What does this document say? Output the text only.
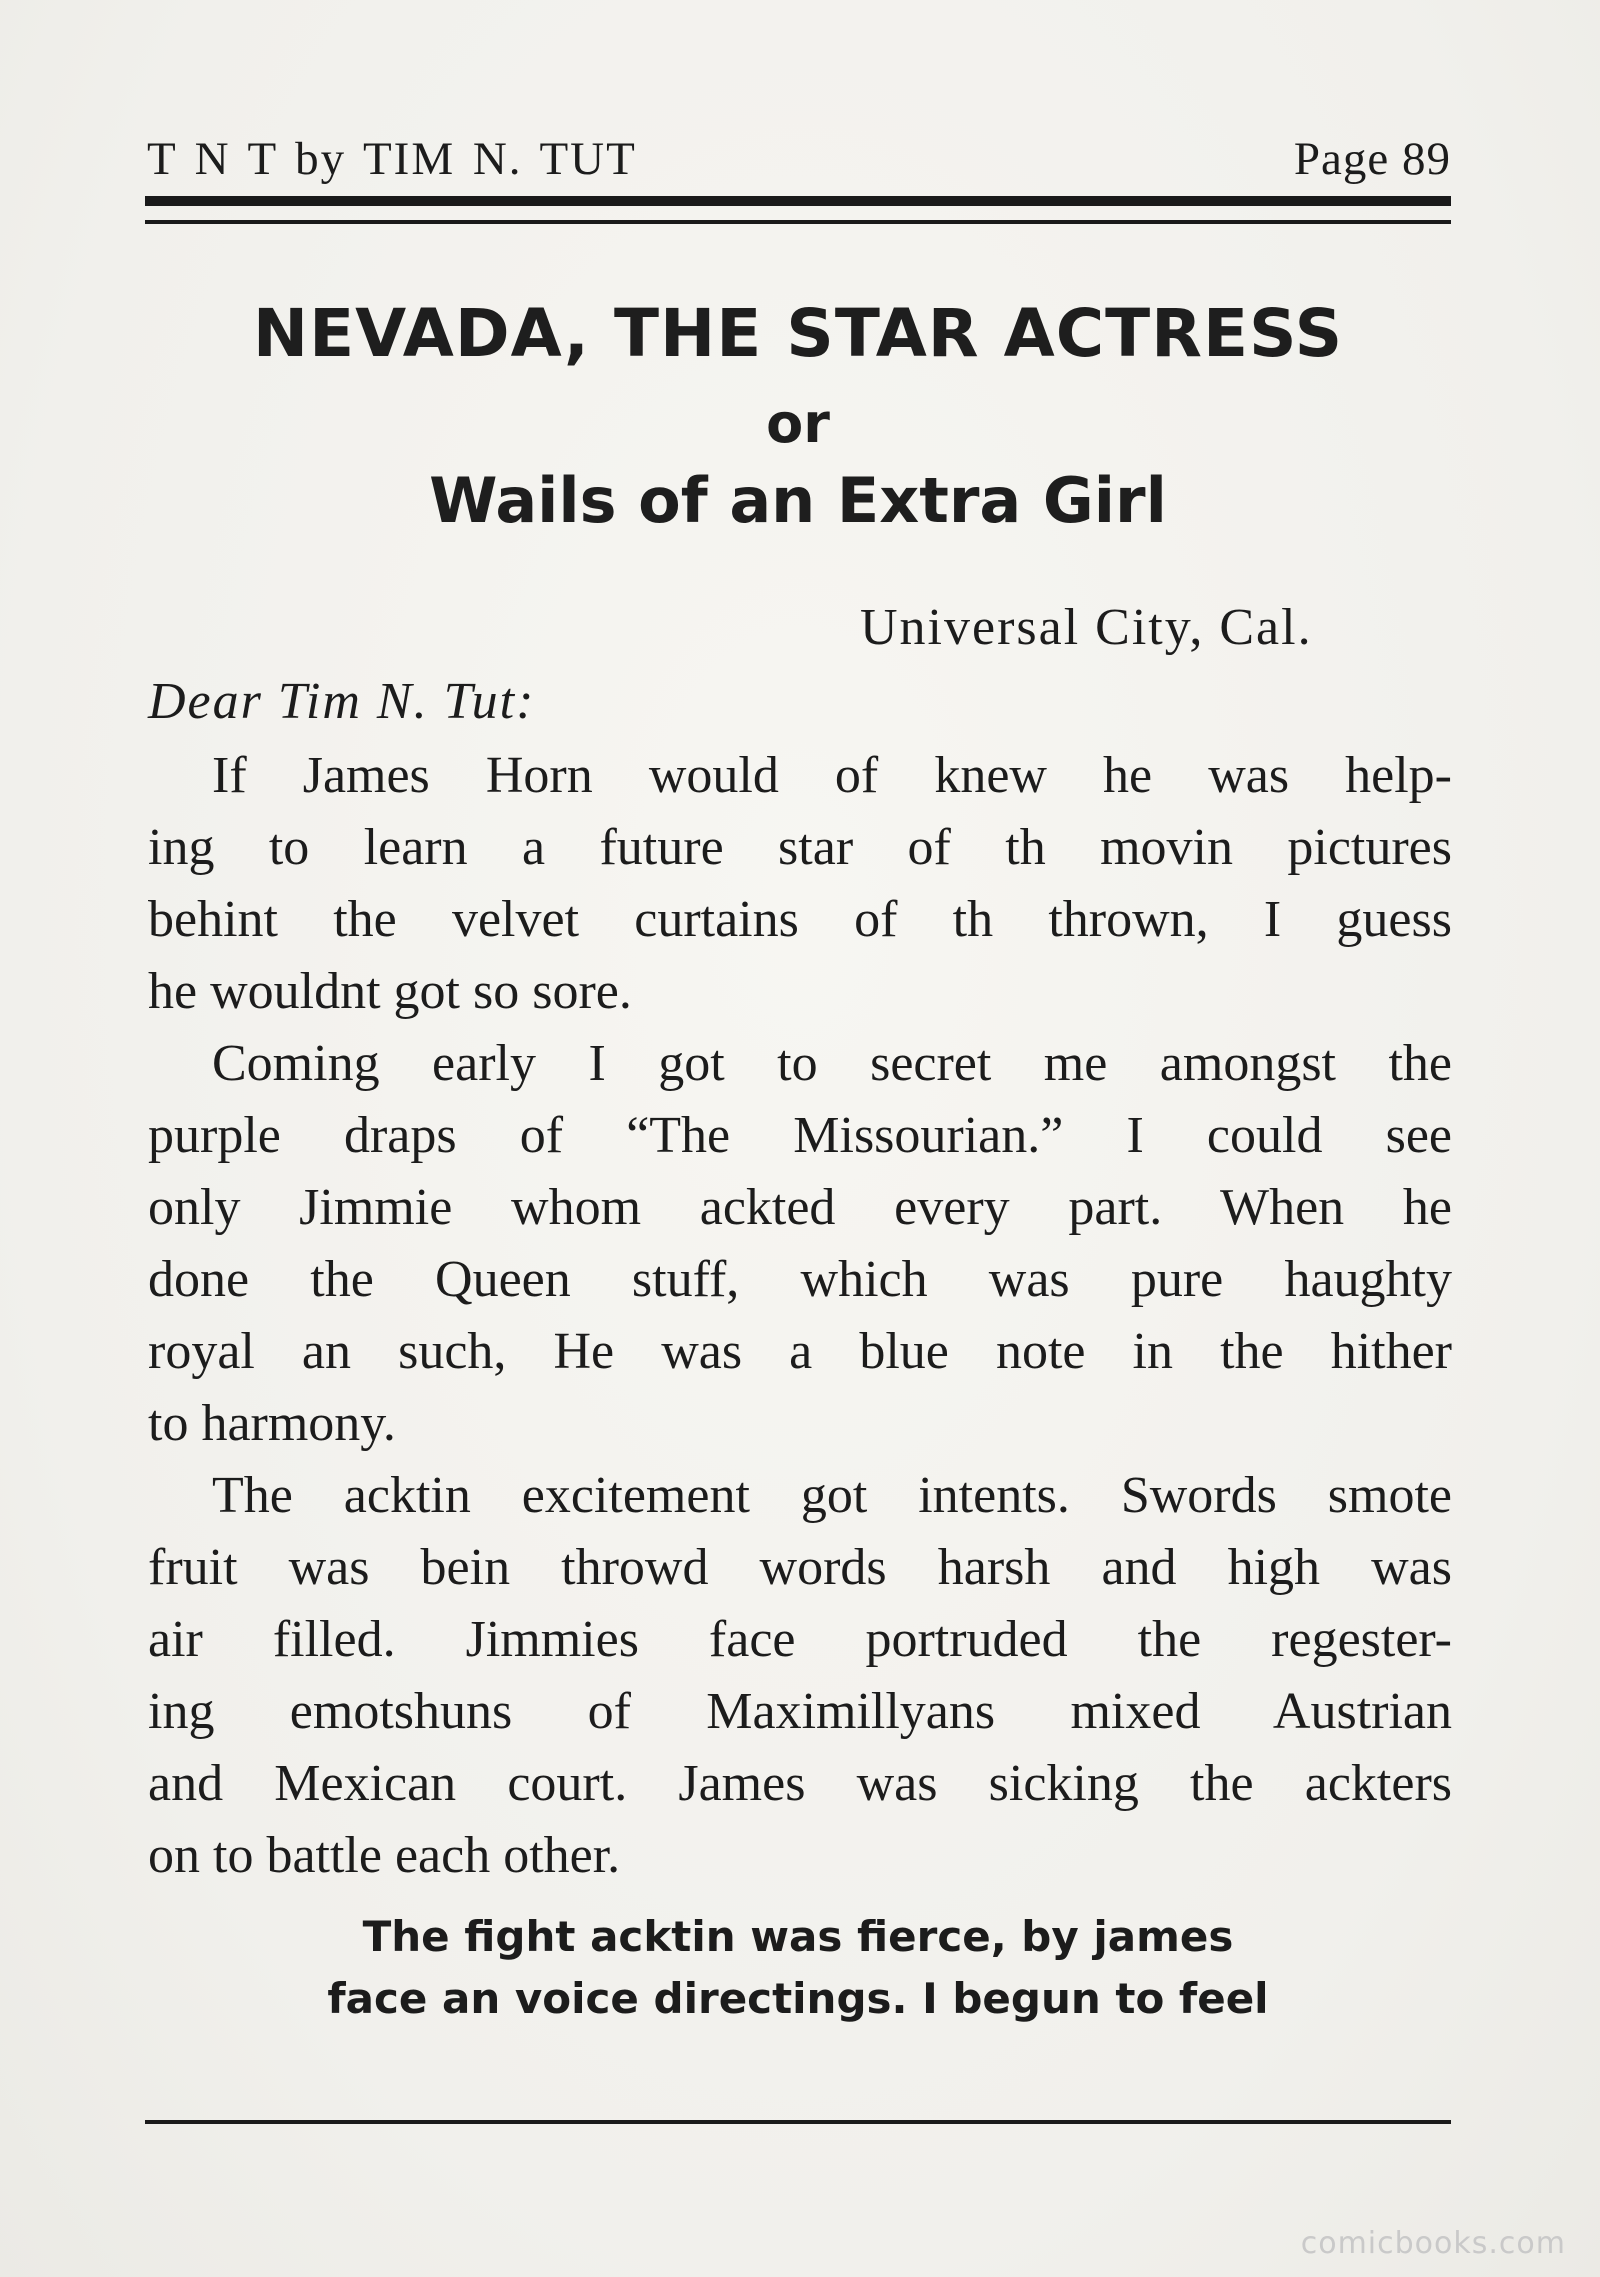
T N T by TIM N. TUT	Page 89
NEVADA, THE STAR ACTRESS
or
Wails of an Extra Girl
Universal City, Cal.
Dear Tim N. Tut:
If James Horn would of knew he was help-
ing to learn a future star of th movin pictures
behint the velvet curtains of th thrown, I guess
he wouldnt got so sore.
Coming early I got to secret me amongst the
purple draps of “The Missourian.” I could see
only Jimmie whom ackted every part. When he
done the Queen stuff, which was pure haughty
royal an such, He was a blue note in the hither
to harmony.
The acktin excitement got intents. Swords smote
fruit was bein throwd words harsh and high was
air filled. Jimmies face portruded the regester-
ing emotshuns of Maximillyans mixed Austrian
and Mexican court. James was sicking the ackters
on to battle each other.
The fight acktin was fierce, by james
face an voice directings. I begun to feel
comicbooks.com
